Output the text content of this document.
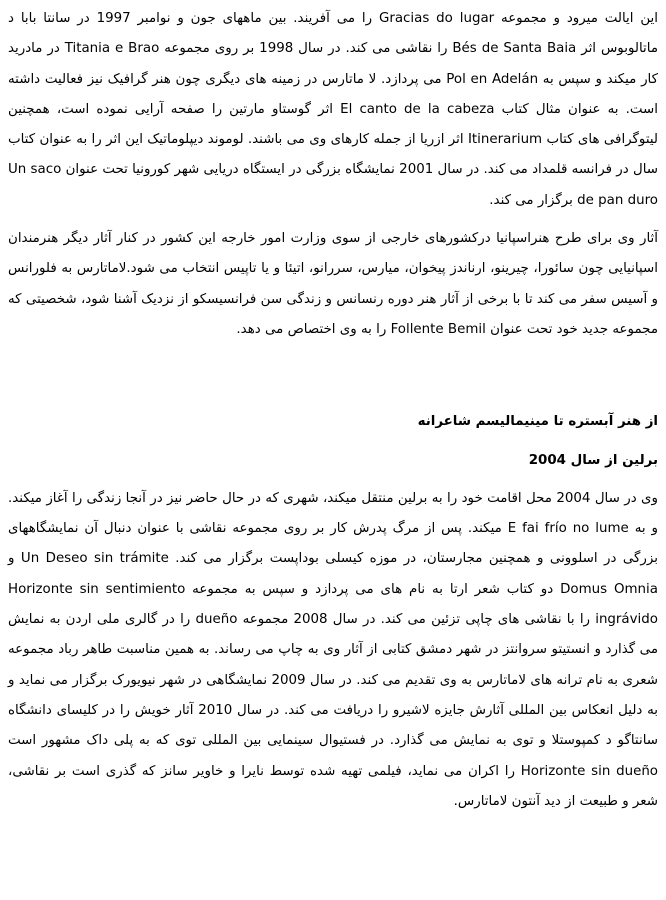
این ایالت میرود و مجموعه Gracias do lugar را می آفریند. بین ماههای جون و نوامبر 1997 در سانتا بابا د ماتالوبوس اثر Bés de Santa Baia را نقاشی می کند. در سال 1998 بر روی مجموعه Titania e Brao در مادرید کار میکند و سپس به Pol en Adelán می پردازد. لا ماتارس در زمینه های دیگری چون هنر گرافیک نیز فعالیت داشته است. به عنوان مثال کتاب El canto de la cabeza اثر گوستاو مارتین را صفحه آرایی نموده است، همچنین لیتوگرافی های کتاب Itinerarium اثر ازریا از جمله کارهای وی می باشند. لوموند دیپلوماتیک این اثر را به عنوان کتاب سال در فرانسه قلمداد می کند. در سال 2001 نمایشگاه بزرگی در ایستگاه دریایی شهر کورونیا تحت عنوان Un saco de pan duro برگزار می کند.

آثار وی برای طرح هنراسپانیا درکشورهای خارجی از سوی وزارت امور خارجه این کشور در کنار آثار دیگر هنرمندان اسپانیایی چون سائورا، چیرینو، ارناندز پیخوان، میارس، سررانو، اتیئا و یا تاپیس انتخاب می شود.لاماتارس به فلورانس و آسیس سفر می کند تا با برخی از آثار هنر دوره رنسانس و زندگی سن فرانسیسکو از نزدیک آشنا شود، شخصیتی که مجموعه جدید خود تحت عنوان Follente Bemil را به وی اختصاص می دهد.

از هنر آبستره تا مینیمالیسم شاعرانه

برلین از سال 2004

وی در سال 2004 محل اقامت خود را به برلین منتقل میکند، شهری که در حال حاضر نیز در آنجا زندگی را آغاز میکند. و به E fai frío no lume میکند. پس از مرگ پدرش کار بر روی مجموعه نقاشی با عنوان دنبال آن نمایشگاههای بزرگی در اسلوونی و همچنین مجارستان، در موزه کیسلی بوداپست برگزار می کند. Un Deseo sin trámite و Domus Omnia دو کتاب شعر ارتا به نام های می پردازد و سپس به مجموعه Horizonte sin sentimiento ingrávido را با نقاشی های چاپی تزئین می کند. در سال 2008 مجموعه dueño را در گالری ملی اردن به نمایش می گذارد و انستیتو سروانتز در شهر دمشق کتابی از آثار وی به چاپ می رساند. به همین مناسبت طاهر رباد مجموعه شعری به نام ترانه های لاماتارس به وی تقدیم می کند. در سال 2009 نمایشگاهی در شهر نیویورک برگزار می نماید و به دلیل انعکاس بین المللی آثارش جایزه لاشیرو را دریافت می کند. در سال 2010 آثار خویش را در کلیسای دانشگاه سانتاگو د کمپوستلا و توی به نمایش می گذارد. در فستیوال سینمایی بین المللی توی که به پلی داک مشهور است Horizonte sin dueño را اکران می نماید، فیلمی تهیه شده توسط نایرا و خاویر سانز که گذری است بر نقاشی، شعر و طبیعت از دید آنتون لاماتارس.
